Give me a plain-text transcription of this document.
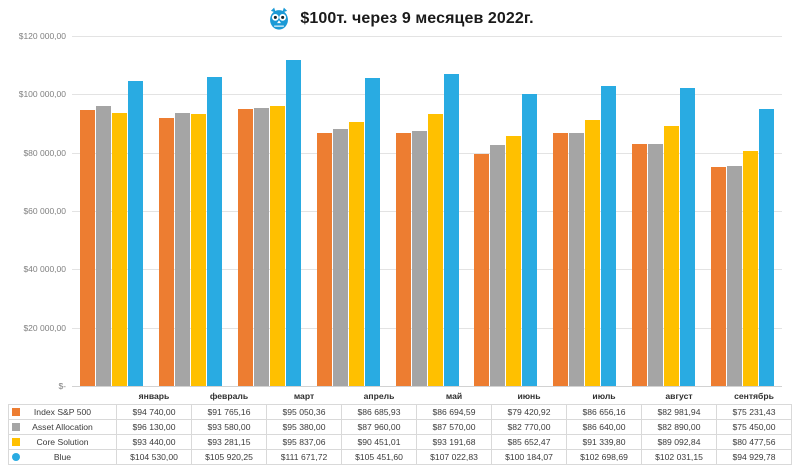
$100т. через 9 месяцев 2022г.
$-
$20 000,00
$40 000,00
$60 000,00
$80 000,00
$100 000,00
$120 000,00
	январь	февраль	март	апрель	май	июнь	июль	август	сентябрь

Index S&P 500	$94 740,00	$91 765,16	$95 050,36	$86 685,93	$86 694,59	$79 420,92	$86 656,16	$82 981,94	$75 231,43

Asset Allocation	$96 130,00	$93 580,00	$95 380,00	$87 960,00	$87 570,00	$82 770,00	$86 640,00	$82 890,00	$75 450,00

Core Solution	$93 440,00	$93 281,15	$95 837,06	$90 451,01	$93 191,68	$85 652,47	$91 339,80	$89 092,84	$80 477,56

Blue	$104 530,00	$105 920,25	$111 671,72	$105 451,60	$107 022,83	$100 184,07	$102 698,69	$102 031,15	$94 929,78
